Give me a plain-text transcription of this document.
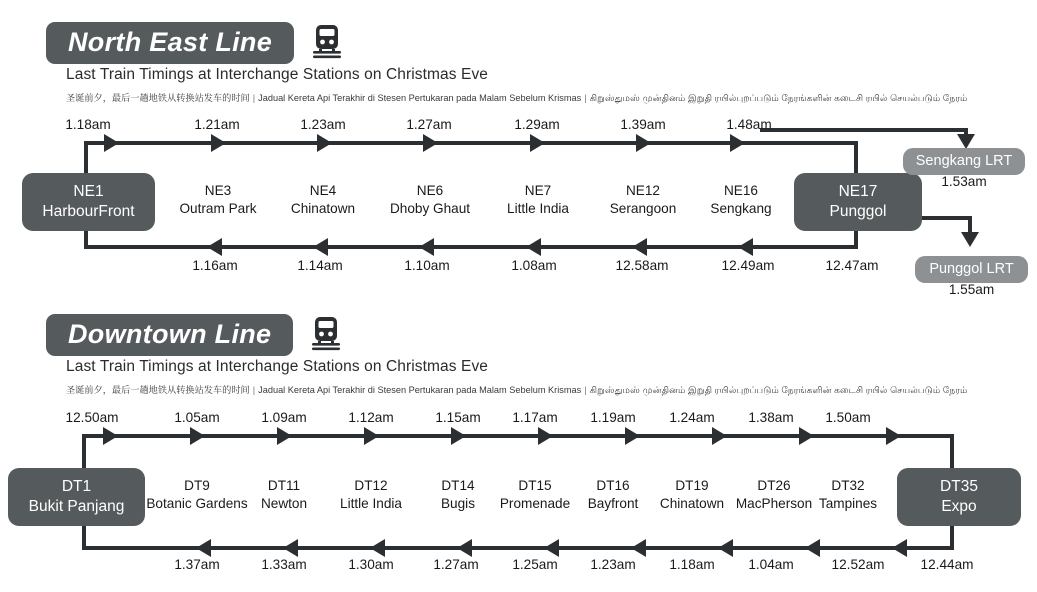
North East Line
Last Train Timings at Interchange Stations on Christmas Eve
圣诞前夕，最后一趟地铁从转换站发车的时间 | Jadual Kereta Api Terakhir di Stesen Pertukaran pada Malam Sebelum Krismas | கிறுஸ்துமஸ் முன்தினம் இறுதி ரயில்புறப்படும் நேரங்களின் கடைசி ரயில் செயல்படும் நேரம்
NE1
HarbourFront
NE17
Punggol
Sengkang LRT
1.53am
Punggol LRT
1.55am
NE3
Outram Park
NE4
Chinatown
NE6
Dhoby Ghaut
NE7
Little India
NE12
Serangoon
NE16
Sengkang
1.18am	1.21am	1.23am	1.27am	1.29am	1.39am	1.48am
1.16am	1.14am	1.10am	1.08am	12.58am	12.49am	12.47am
Downtown Line
Last Train Timings at Interchange Stations on Christmas Eve
圣诞前夕，最后一趟地铁从转换站发车的时间 | Jadual Kereta Api Terakhir di Stesen Pertukaran pada Malam Sebelum Krismas | கிறுஸ்துமஸ் முன்தினம் இறுதி ரயில்புறப்படும் நேரங்களின் கடைசி ரயில் செயல்படும் நேரம்
DT1
Bukit Panjang
DT35
Expo
DT9
Botanic Gardens
DT11
Newton
DT12
Little India
DT14
Bugis
DT15
Promenade
DT16
Bayfront
DT19
Chinatown
DT26
MacPherson
DT32
Tampines
12.50am	1.05am	1.09am	1.12am	1.15am 1.17am 1.19am 1.24am 1.38am 1.50am
1.37am	1.33am	1.30am	1.27am 1.25am 1.23am 1.18am 1.04am	12.52am	12.44am
